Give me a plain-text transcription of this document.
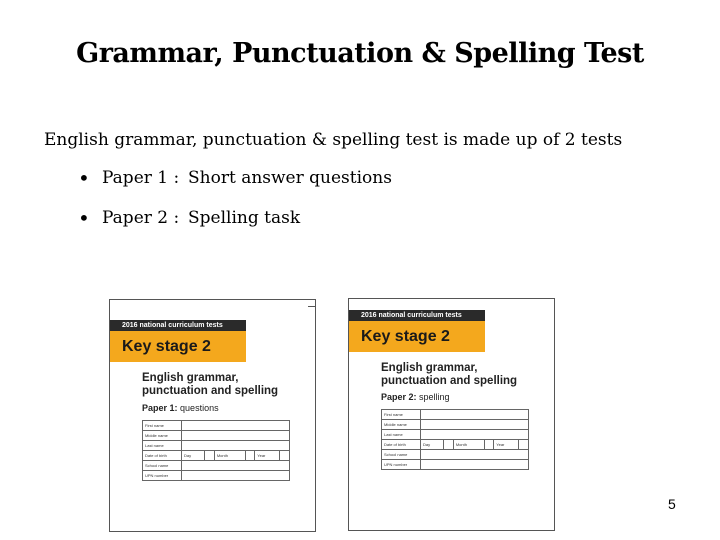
Grammar, Punctuation & Spelling Test
English grammar, punctuation & spelling test is made up of 2 tests
• Paper 1 : Short answer questions
• Paper 2 : Spelling task
2016 national curriculum tests
Key stage 2
English grammar,
punctuation and spelling
Paper 1: questions
First name						
Middle name						
Last name						
Date of birth	Day		Month		Year	
School name						
UPN number						
2016 national curriculum tests
Key stage 2
English grammar,
punctuation and spelling
Paper 2: spelling
First name						
Middle name						
Last name						
Date of birth	Day		Month		Year	
School name						
UPN number						
5
